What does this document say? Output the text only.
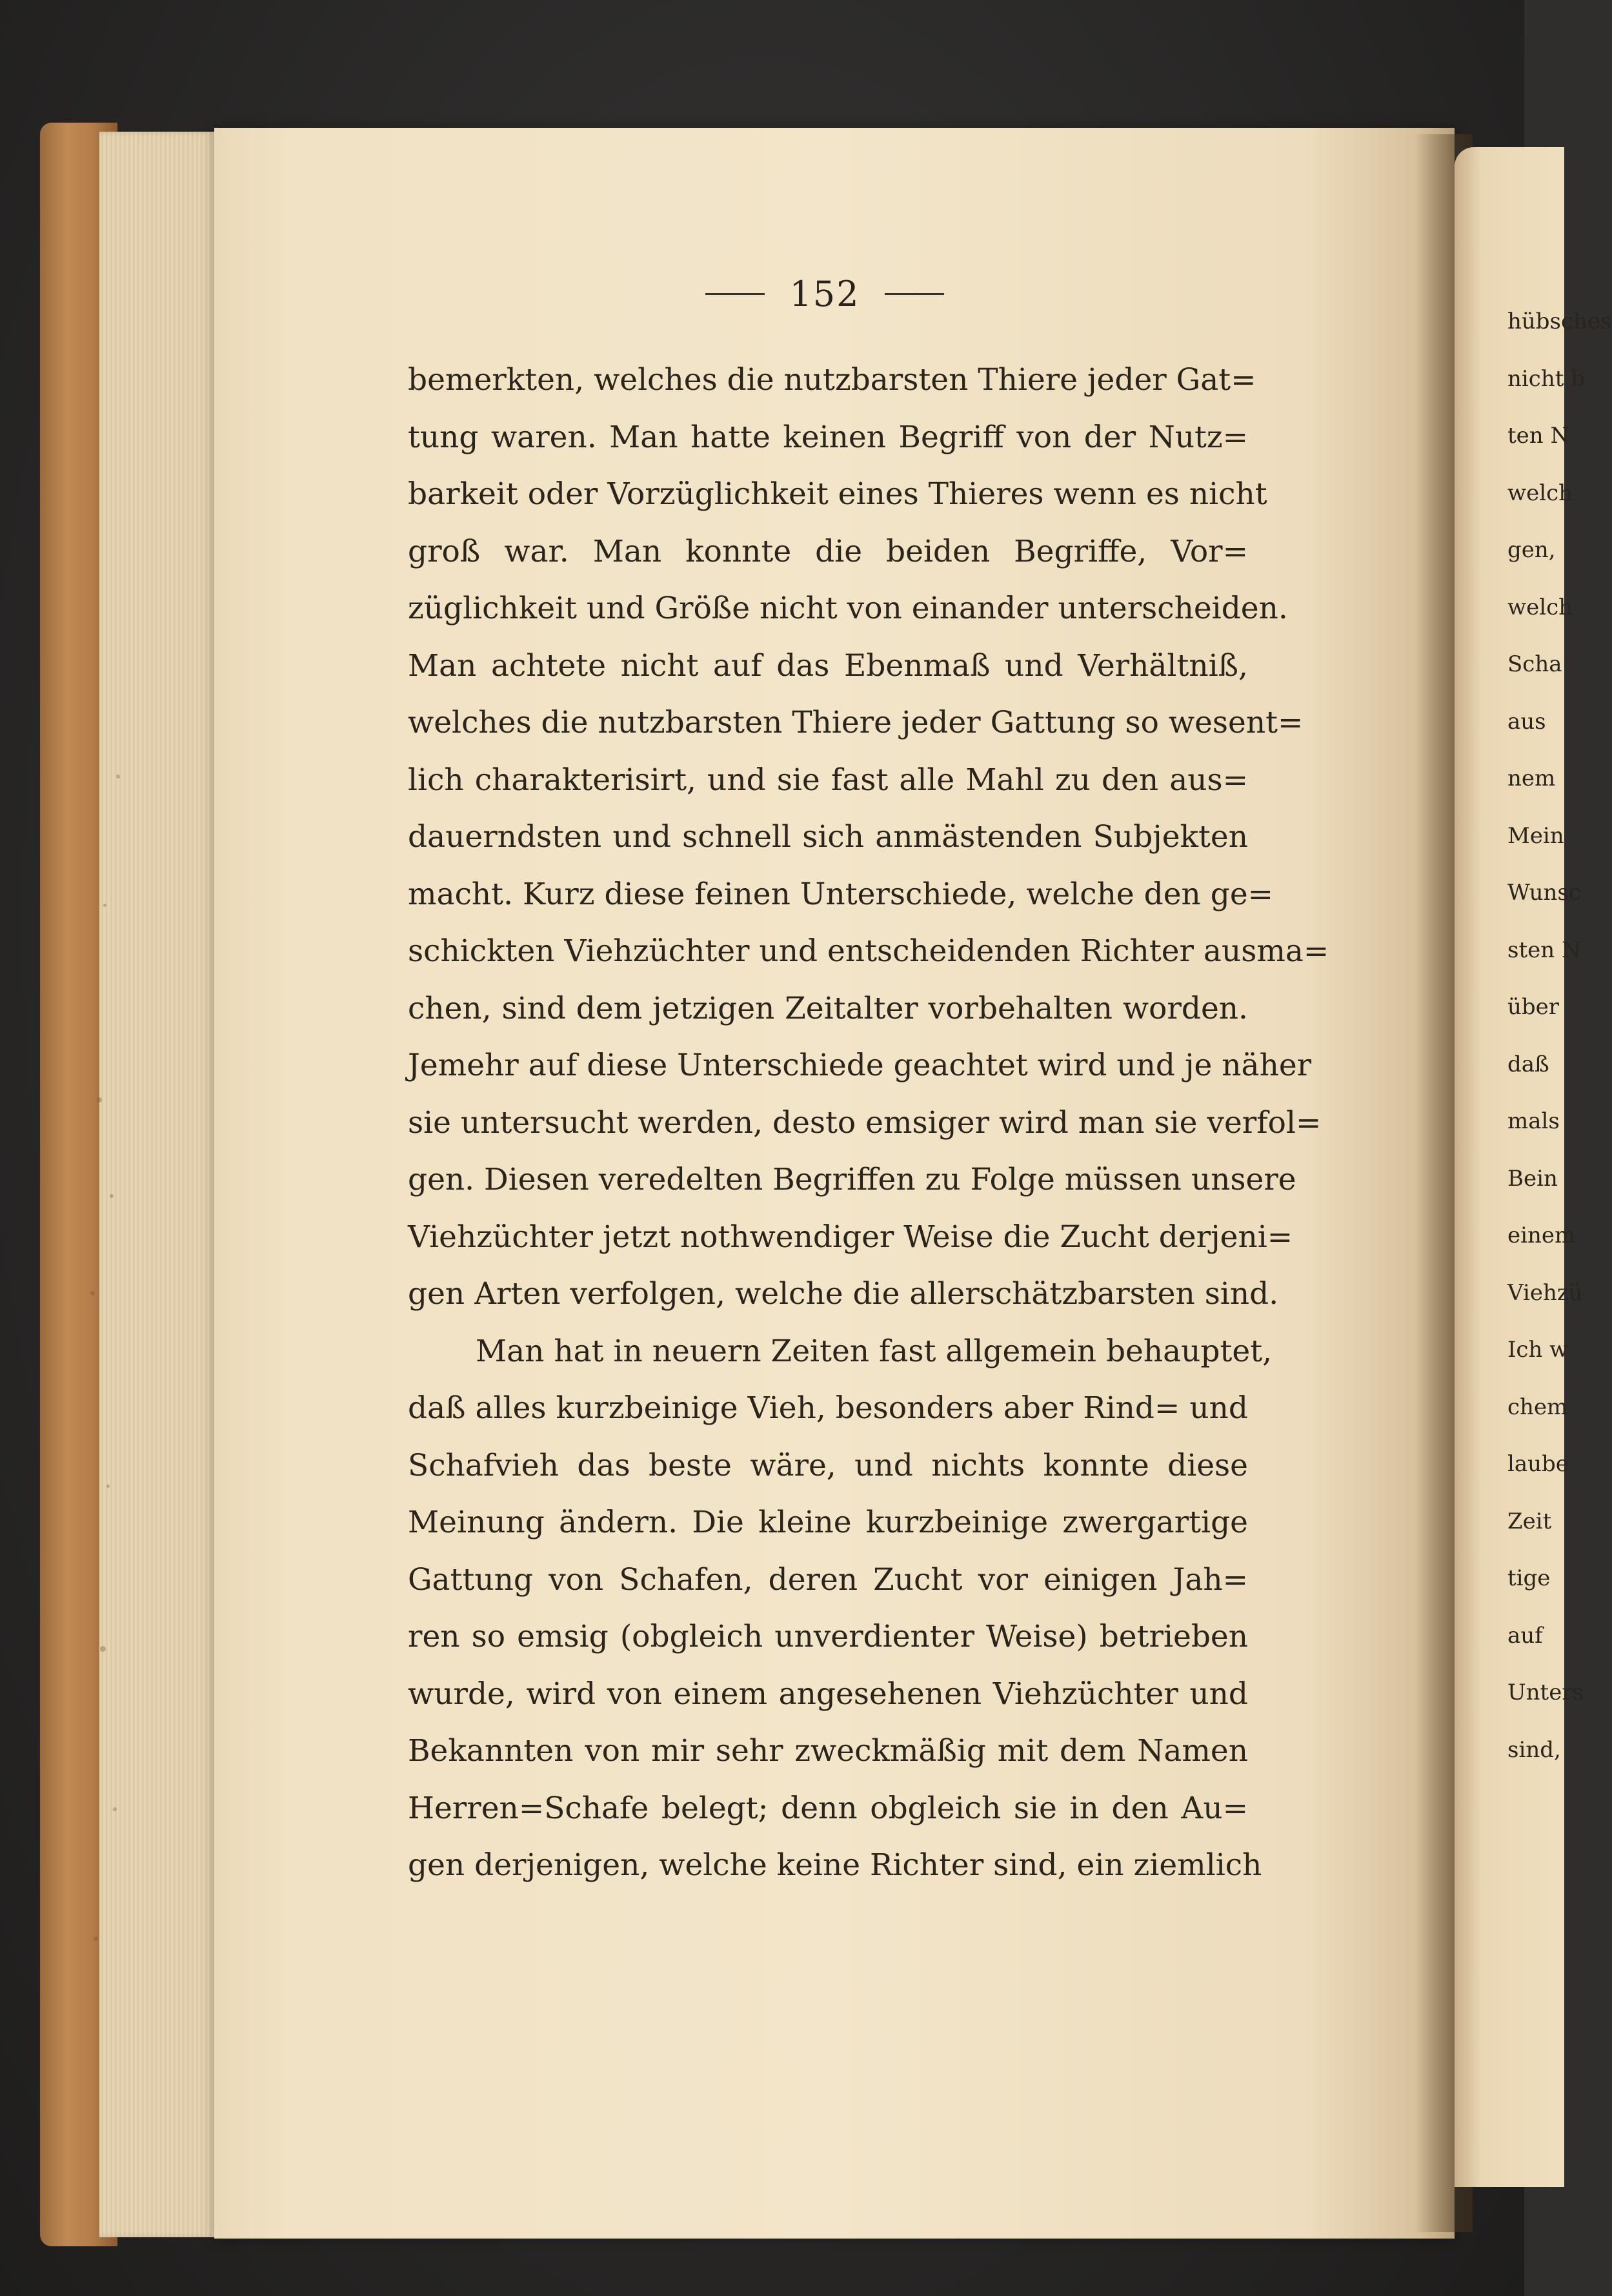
hübsches
nicht b
ten N
welch
gen,
welch
Scha
aus
nem
Mein
Wunsc
sten N
über
daß
mals
Bein
einem
Viehzü
Ich w
chem
laube
Zeit
tige
auf
Unters
sind,
152
bemerkten, welches die nutzbarsten Thiere jeder Gat=
tung waren. Man hatte keinen Begriff von der Nutz=
barkeit oder Vorzüglichkeit eines Thieres wenn es nicht
groß war. Man konnte die beiden Begriffe, Vor=
züglichkeit und Größe nicht von einander unterscheiden.
Man achtete nicht auf das Ebenmaß und Verhältniß,
welches die nutzbarsten Thiere jeder Gattung so wesent=
lich charakterisirt, und sie fast alle Mahl zu den aus=
dauerndsten und schnell sich anmästenden Subjekten
macht. Kurz diese feinen Unterschiede, welche den ge=
schickten Viehzüchter und entscheidenden Richter ausma=
chen, sind dem jetzigen Zeitalter vorbehalten worden.
Jemehr auf diese Unterschiede geachtet wird und je näher
sie untersucht werden, desto emsiger wird man sie verfol=
gen. Diesen veredelten Begriffen zu Folge müssen unsere
Viehzüchter jetzt nothwendiger Weise die Zucht derjeni=
gen Arten verfolgen, welche die allerschätzbarsten sind.
Man hat in neuern Zeiten fast allgemein behauptet,
daß alles kurzbeinige Vieh, besonders aber Rind= und
Schafvieh das beste wäre, und nichts konnte diese
Meinung ändern. Die kleine kurzbeinige zwergartige
Gattung von Schafen, deren Zucht vor einigen Jah=
ren so emsig (obgleich unverdienter Weise) betrieben
wurde, wird von einem angesehenen Viehzüchter und
Bekannten von mir sehr zweckmäßig mit dem Namen
Herren=Schafe belegt; denn obgleich sie in den Au=
gen derjenigen, welche keine Richter sind, ein ziemlich
